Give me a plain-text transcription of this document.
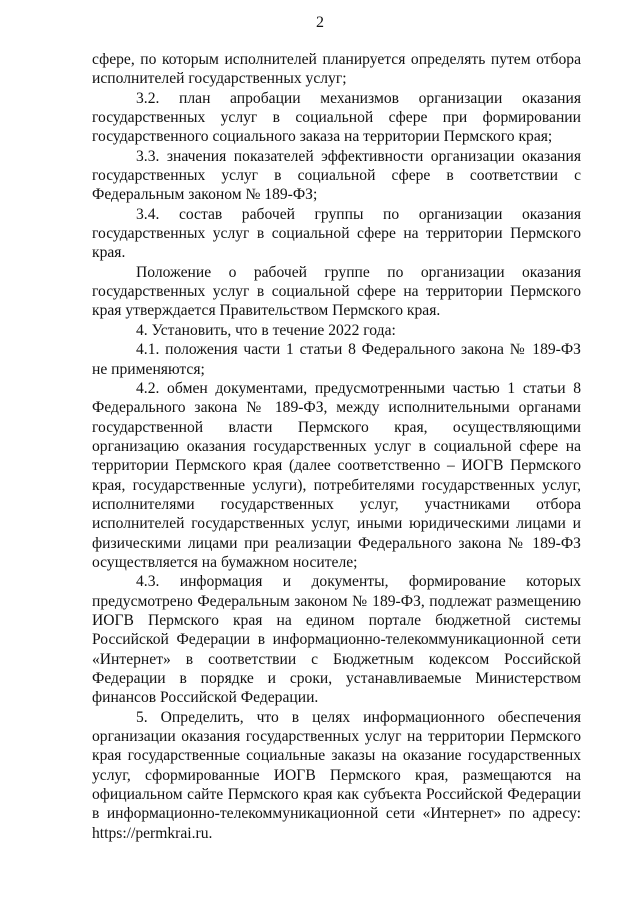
2

сфере, по которым исполнителей планируется определять путем отбора исполнителей государственных услуг;

3.2. план апробации механизмов организации оказания государственных услуг в социальной сфере при формировании государственного социального заказа на территории Пермского края;

3.3. значения показателей эффективности организации оказания государственных услуг в социальной сфере в соответствии с Федеральным законом № 189-ФЗ;

3.4. состав рабочей группы по организации оказания государственных услуг в социальной сфере на территории Пермского края.

Положение о рабочей группе по организации оказания государственных услуг в социальной сфере на территории Пермского края утверждается Правительством Пермского края.

4. Установить, что в течение 2022 года:

4.1. положения части 1 статьи 8 Федерального закона № 189-ФЗ не применяются;

4.2. обмен документами, предусмотренными частью 1 статьи 8 Федерального закона № 189-ФЗ, между исполнительными органами государственной власти Пермского края, осуществляющими организацию оказания государственных услуг в социальной сфере на территории Пермского края (далее соответственно – ИОГВ Пермского края, государственные услуги), потребителями государственных услуг, исполнителями государственных услуг, участниками отбора исполнителей государственных услуг, иными юридическими лицами и физическими лицами при реализации Федерального закона № 189-ФЗ осуществляется на бумажном носителе;

4.3. информация и документы, формирование которых предусмотрено Федеральным законом № 189-ФЗ, подлежат размещению ИОГВ Пермского края на едином портале бюджетной системы Российской Федерации в информационно-телекоммуникационной сети «Интернет» в соответствии с Бюджетным кодексом Российской Федерации в порядке и сроки, устанавливаемые Министерством финансов Российской Федерации.

5. Определить, что в целях информационного обеспечения организации оказания государственных услуг на территории Пермского края государственные социальные заказы на оказание государственных услуг, сформированные ИОГВ Пермского края, размещаются на официальном сайте Пермского края как субъекта Российской Федерации в информационно-телекоммуникационной сети «Интернет» по адресу: https://permkrai.ru.
